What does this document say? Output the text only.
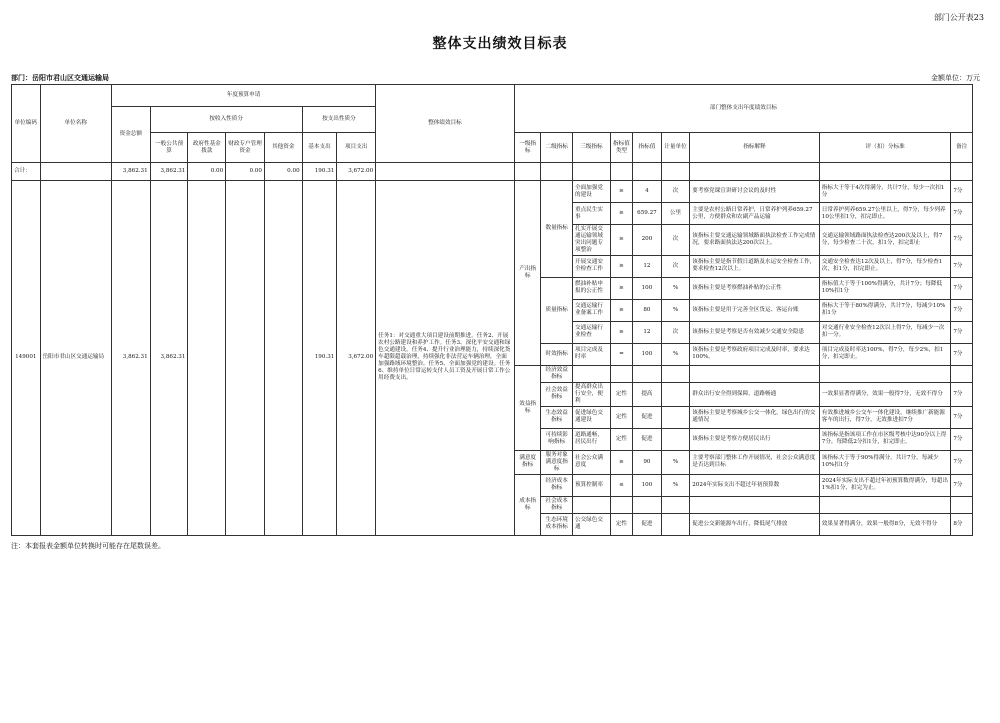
部门公开表23
整体支出绩效目标表
部门：岳阳市君山区交通运输局	金额单位：万元
单位编码	单位名称	年度预算申请							整体绩效目标	部门整体支出年度绩效目标								
		资金总额	按收入性质分				按支出性质分											
			一般公共预算	政府性基金拨款	财政专户管理资金	其他资金	基本支出	项目支出		一级指标	二级指标	三级指标	指标值类型	指标值	计量单位	指标解释	评（扣）分标准	备注
合计：		3,862.31	3,862.31	0.00	0.00	0.00	190.31	3,672.00										
149001	岳阳市君山区交通运输局	3,862.31	3,862.31				190.31	3,672.00	任务1：对交通重大项目建设前期推进。任务2、开展农村公路建设和养护工作。任务3、深化平安交通和绿色交通建设。任务4、提升行业治理能力，持续深化货车超限超载治理，持续强化非法营运车辆治理，全面加强路域环境整治。任务5、全面加强党的建设。任务6、维持单位日常运转支付人员工资及开展日常工作公用经费支出。	产出指标	数量指标	全面加强党的建设	≥	4	次	要考察党课宣讲研讨会议的及时性	指标大于等于4次得满分，共计7分，每少一次扣1分	7分
												重点民生实事	≥	659.27	公里	主要是农村公路日常养护，日常养护列养659.27公里，方便群众和农副产品运输	日常养护列养659.27公里以上，得7分，每少列养10公里扣1分，扣完即止。	7分
												扎实开展交通运输领域突出问题专项整治	≥	200	次	该指标主要交通运输领域路面执法检查工作完成情况，要求路面执法达200次以上。	交通运输领域路面执法检查达200次及以上，得7分，每少检查二十次，扣1分，扣完即止	7分
												开展交通安全检查工作	≥	12	次	该指标主要是指节假日道路及水运安全检查工作，要求检查12次以上。	交通安全检查达12次及以上，得7分，每少检查1次，扣1分，扣完即止。	7分
											质量指标	燃油补贴申报的公正性	≥	100	%	该指标主要是考察燃油补贴的公正性	指标值大于等于100%得满分，共计7分；每降低10%扣1分	7分
												交通运输行业备案工作	≥	80	%	该指标主要是用于完善全区货运、客运台账	指标大于等于80%得满分，共计7分，每减少10%扣1分	7分
												交通运输行业检查	≥	12	次	该指标主要是考察是否有效减少交通安全隐患	对交通行业安全检查12次以上得7分，每减少一次扣一分。	7分
											时效指标	项目完成及时率	=	100	%	该指标主要是考察政府项目完成及时率，要求达100%。	项目完成及时率达100%，得7分，每少2%，扣1分，扣完即止。	7分
										效益指标	经济效益指标							
											社会效益指标	提高群众出行安全，便利	定性	提高		群众出行安全得到保障，道路畅通	一效果显著得满分，效果一般得7分，无效不得分	7分
											生态效益指标	促进绿色交通建设	定性	促进		该指标主要是考察城乡公交一体化，绿色出行的交通情况	有效推进城乡公交车一体化建设，继续推广新能源客车的出行，得7分，无效推进扣7分	7分
											可持续影响指标	道路通畅，居民出行	定性	促进		该指标主要是考察方便居民出行	该指标是指该项工作在市区级考核中达90分以上得7分，每降低2分扣1分，扣完即止。	7分
										满意度指标	服务对象满意度指标	社会公众满意度	≥	90	%	主要考察部门整体工作开展情况，社会公众满意度是否达到目标	该指标大于等于90%得满分，共计7分，每减少10%扣1分	7分
										成本指标	经济成本指标	预算控制率	≤	100	%	2024年实际支出不超过年初预算数	2024年实际支出不超过年初预算数得满分，每超出1%扣1分，扣完为止。	7分
											社会成本指标							
											生态环境成本指标	公交绿色交通	定性	促进		促进公交新能源车出行，降低尾气排放	效果显著得满分，效果一般得8分，无效不得分	8分
注：本套报表金额单位转换时可能存在尾数误差。
